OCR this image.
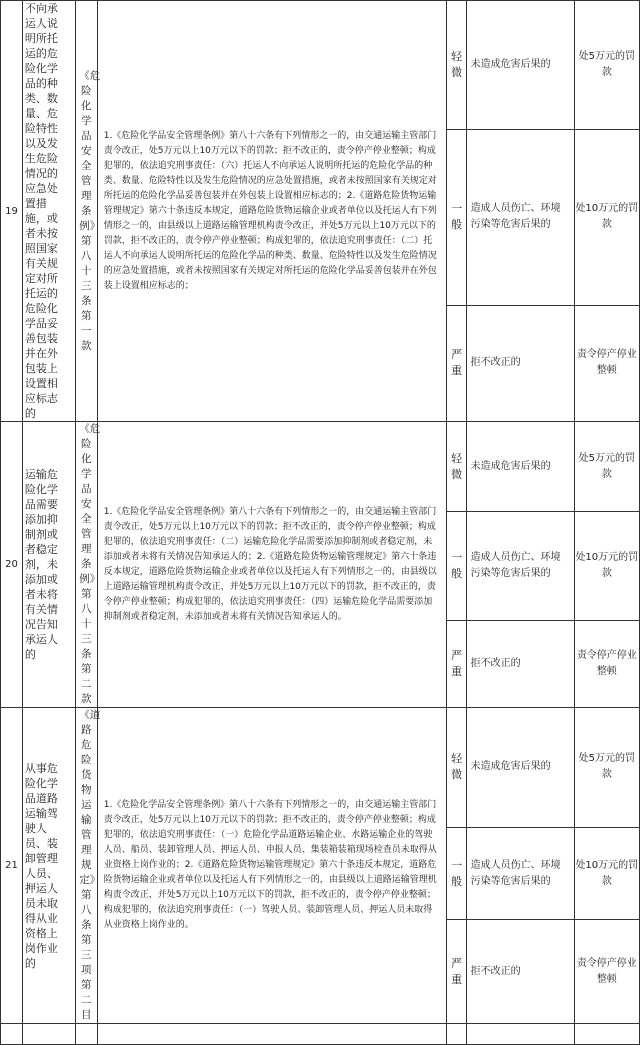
19	不向承运人说明所托运的危险化学品的种类、数量、危险特性以及发生危险情况的应急处置措施，或者未按照国家有关规定对所托运的危险化学品妥善包装并在外包装上设置相应标志的	《危险化学品安全管理条例》第八十三条第一款	1.《危险化学品安全管理条例》第八十六条有下列情形之一的，由交通运输主管部门责令改正，处5万元以上10万元以下的罚款；拒不改正的，责令停产停业整顿；构成犯罪的，依法追究刑事责任：（六）托运人不向承运人说明所托运的危险化学品的种类、数量、危险特性以及发生危险情况的应急处置措施，或者未按照国家有关规定对所托运的危险化学品妥善包装并在外包装上设置相应标志的；2.《道路危险货物运输管理规定》第六十条违反本规定，道路危险货物运输企业或者单位以及托运人有下列情形之一的，由县级以上道路运输管理机构责令改正，并处5万元以上10万元以下的罚款，拒不改正的，责令停产停业整顿；构成犯罪的，依法追究刑事责任：（二）托运人不向承运人说明所托运的危险化学品的种类、数量、危险特性以及发生危险情况的应急处置措施，或者未按照国家有关规定对所托运的危险化学品妥善包装并在外包装上设置相应标志的；	轻微	未造成危害后果的	处5万元的罚款

				一般	造成人员伤亡、环境污染等危害后果的	处10万元的罚款

				严重	拒不改正的	责令停产停业整顿
20	运输危险化学品需要添加抑制剂或者稳定剂，未添加或者未将有关情况告知承运人的	《危险化学品安全管理条例》第八十三条第二款	1.《危险化学品安全管理条例》第八十六条有下列情形之一的，由交通运输主管部门责令改正，处5万元以上10万元以下的罚款；拒不改正的，责令停产停业整顿；构成犯罪的，依法追究刑事责任：（二）运输危险化学品需要添加抑制剂或者稳定剂，未添加或者未将有关情况告知承运人的；2.《道路危险货物运输管理规定》第六十条违反本规定，道路危险货物运输企业或者单位以及托运人有下列情形之一的，由县级以上道路运输管理机构责令改正，并处5万元以上10万元以下的罚款，拒不改正的，责令停产停业整顿；构成犯罪的，依法追究刑事责任：（四）运输危险化学品需要添加抑制剂或者稳定剂，未添加或者未将有关情况告知承运人的。	轻微	未造成危害后果的	处5万元的罚款

				一般	造成人员伤亡、环境污染等危害后果的	处10万元的罚款

				严重	拒不改正的	责令停产停业整顿
21	从事危险化学品道路运输驾驶人员、装卸管理人员、押运人员未取得从业资格上岗作业的	《道路危险货物运输管理规定》第八条第三项第二目	1.《危险化学品安全管理条例》第八十六条有下列情形之一的，由交通运输主管部门责令改正，处5万元以上10万元以下的罚款；拒不改正的，责令停产停业整顿；构成犯罪的，依法追究刑事责任：（一）危险化学品道路运输企业、水路运输企业的驾驶人员、船员、装卸管理人员、押运人员、申报人员、集装箱装箱现场检查员未取得从业资格上岗作业的；2.《道路危险货物运输管理规定》第六十条违反本规定，道路危险货物运输企业或者单位以及托运人有下列情形之一的，由县级以上道路运输管理机构责令改正，并处5万元以上10万元以下的罚款，拒不改正的，责令停产停业整顿；构成犯罪的，依法追究刑事责任：（一）驾驶人员、装卸管理人员、押运人员未取得从业资格上岗作业的。	轻微	未造成危害后果的	处5万元的罚款

				一般	造成人员伤亡、环境污染等危害后果的	处10万元的罚款

				严重	拒不改正的	责令停产停业整顿
